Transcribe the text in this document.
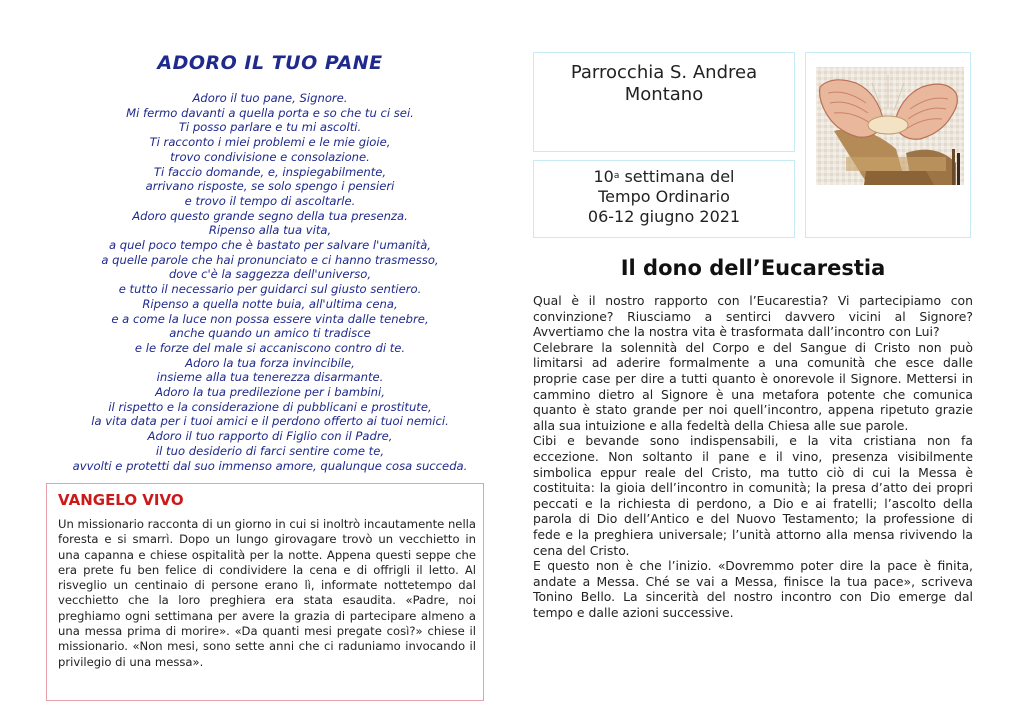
ADORO IL TUO PANE
Adoro il tuo pane, Signore.
Mi fermo davanti a quella porta e so che tu ci sei.
Ti posso parlare e tu mi ascolti.
Ti racconto i miei problemi e le mie gioie,
trovo condivisione e consolazione.
Ti faccio domande, e, inspiegabilmente,
arrivano risposte, se solo spengo i pensieri
e trovo il tempo di ascoltarle.
Adoro questo grande segno della tua presenza.
Ripenso alla tua vita,
a quel poco tempo che è bastato per salvare l'umanità,
a quelle parole che hai pronunciato e ci hanno trasmesso,
dove c'è la saggezza dell'universo,
e tutto il necessario per guidarci sul giusto sentiero.
Ripenso a quella notte buia, all'ultima cena,
e a come la luce non possa essere vinta dalle tenebre,
anche quando un amico ti tradisce
e le forze del male si accaniscono contro di te.
Adoro la tua forza invincibile,
insieme alla tua tenerezza disarmante.
Adoro la tua predilezione per i bambini,
il rispetto e la considerazione di pubblicani e prostitute,
la vita data per i tuoi amici e il perdono offerto ai tuoi nemici.
Adoro il tuo rapporto di Figlio con il Padre,
il tuo desiderio di farci sentire come te,
avvolti e protetti dal suo immenso amore, qualunque cosa succeda.
VANGELO VIVO
Un missionario racconta di un giorno in cui si inoltrò incautamente nella foresta e si smarrì. Dopo un lungo girovagare trovò un vecchietto in una capanna e chiese ospitalità per la notte. Appena questi seppe che era prete fu ben felice di condividere la cena e di offrigli il letto. Al risveglio un centinaio di persone erano lì, informate nottetempo dal vecchietto che la loro preghiera era stata esaudita. «Padre, noi preghiamo ogni settimana per avere la grazia di partecipare almeno a una messa prima di morire». «Da quanti mesi pregate così?» chiese il missionario. «Non mesi, sono sette anni che ci raduniamo invocando il privilegio di una messa».
Parrocchia S. Andrea
Montano
10$^a$ settimana del
Tempo Ordinario
06-12 giugno 2021
Il dono dell’Eucarestia

Qual è il nostro rapporto con l’Eucarestia? Vi partecipiamo con convinzione? Riusciamo a sentirci davvero vicini al Signore? Avvertiamo che la nostra vita è trasformata dall’incontro con Lui?

Celebrare la solennità del Corpo e del Sangue di Cristo non può limitarsi ad aderire formalmente a una comunità che esce dalle proprie case per dire a tutti quanto è onorevole il Signore. Mettersi in cammino dietro al Signore è una metafora potente che comunica quanto è stato grande per noi quell’incontro, appena ripetuto grazie alla sua intuizione e alla fedeltà della Chiesa alle sue parole.

Cibi e bevande sono indispensabili, e la vita cristiana non fa eccezione. Non soltanto il pane e il vino, presenza visibilmente simbolica eppur reale del Cristo, ma tutto ciò di cui la Messa è costituita: la gioia dell’incontro in comunità; la presa d’atto dei propri peccati e la richiesta di perdono, a Dio e ai fratelli; l’ascolto della parola di Dio dell’Antico e del Nuovo Testamento; la professione di fede e la preghiera universale; l’unità attorno alla mensa rivivendo la cena del Cristo.

E questo non è che l’inizio. «Dovremmo poter dire la pace è finita, andate a Messa. Ché se vai a Messa, finisce la tua pace», scriveva Tonino Bello. La sincerità del nostro incontro con Dio emerge dal tempo e dalle azioni successive.
